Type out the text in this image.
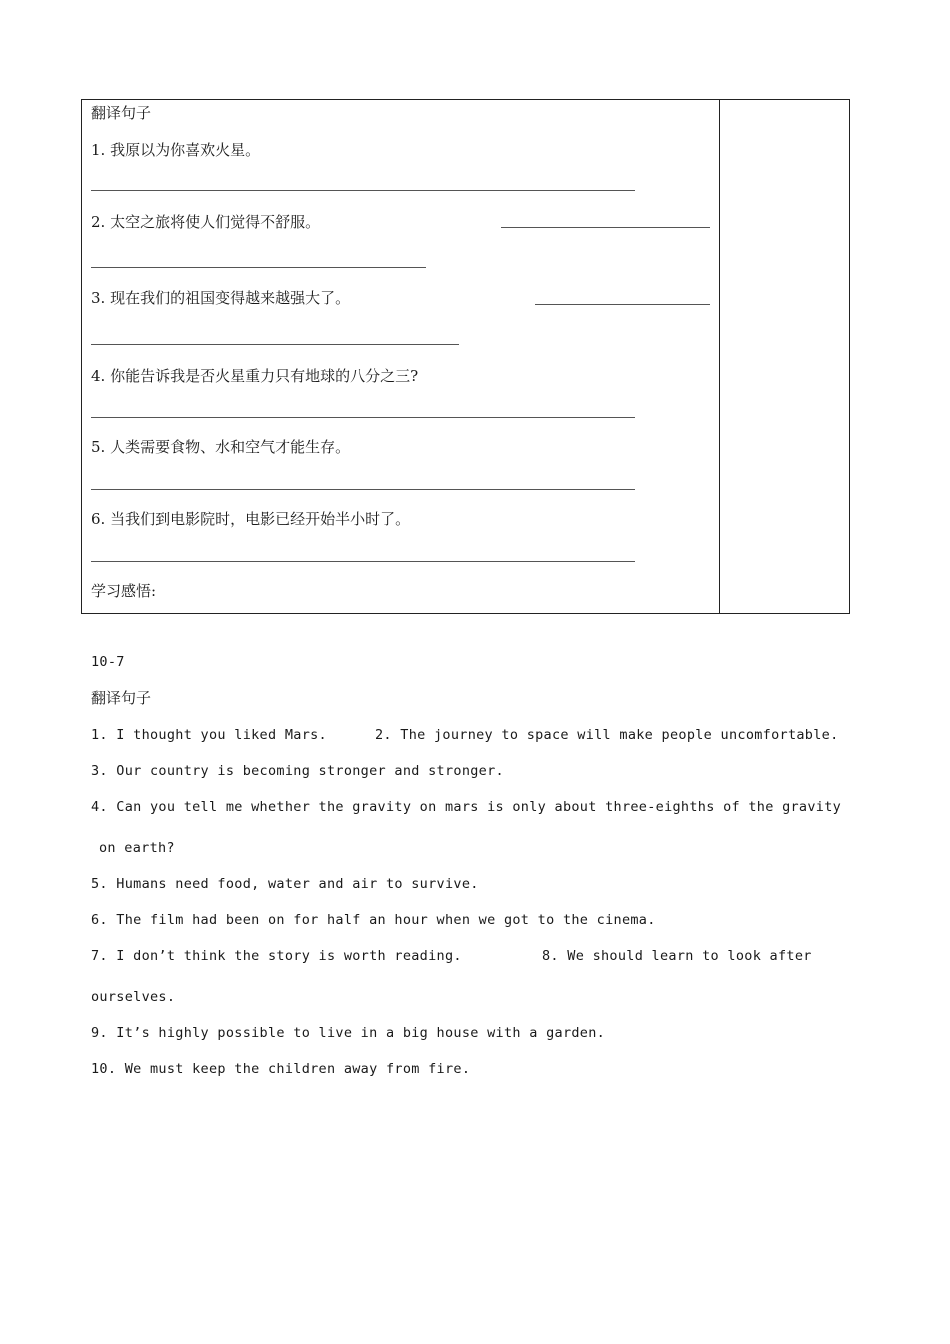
翻译句子
1. 我原以为你喜欢火星。
2. 太空之旅将使人们觉得不舒服。
3. 现在我们的祖国变得越来越强大了。
4. 你能告诉我是否火星重力只有地球的八分之三?
5. 人类需要食物、水和空气才能生存。
6. 当我们到电影院时，电影已经开始半小时了。
学习感悟:
10-7
翻译句子
1. I thought you liked Mars.	2. The journey to space will make people uncomfortable.
3. Our country is becoming stronger and stronger.
4. Can you tell me whether the gravity on mars is only about three-eighths of the gravity
on earth?
5. Humans need food, water and air to survive.
6. The film had been on for half an hour when we got to the cinema.
7. I don’t think the story is worth reading.	8. We should learn to look after
ourselves.
9. It’s highly possible to live in a big house with a garden.
10. We must keep the children away from fire.
